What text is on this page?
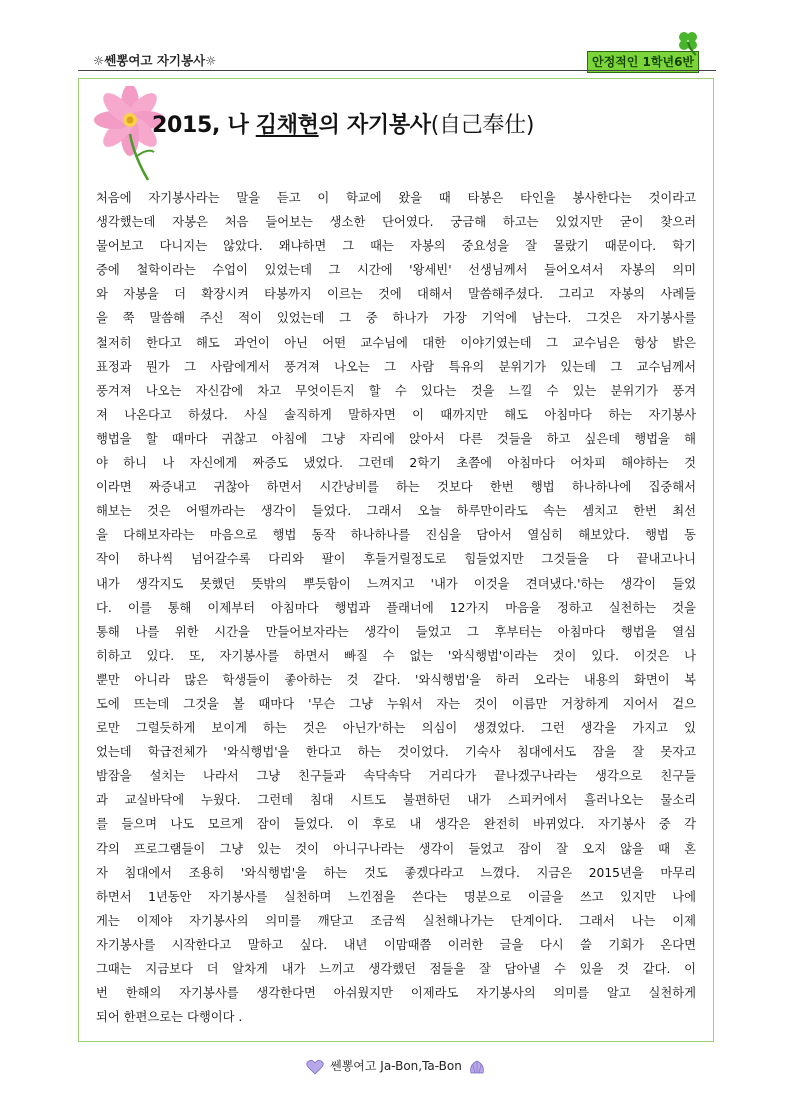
☼쎈뽕여고 자기봉사☼	안정적인 1학년6반
2015, 나 김채현의 자기봉사(自己奉仕)
처음에 자기봉사라는 말을 듣고 이 학교에 왔을 때 타봉은 타인을 봉사한다는 것이라고
생각했는데 자봉은 처음 들어보는 생소한 단어였다. 궁금해 하고는 있었지만 굳이 찾으러
물어보고 다니지는 않았다. 왜냐하면 그 때는 자봉의 중요성을 잘 몰랐기 때문이다. 학기
중에 철학이라는 수업이 있었는데 그 시간에 '왕세빈' 선생님께서 들어오셔서 자봉의 의미
와 자봉을 더 확장시켜 타봉까지 이르는 것에 대해서 말씀해주셨다. 그리고 자봉의 사례들
을 쭉 말씀해 주신 적이 있었는데 그 중 하나가 가장 기억에 남는다. 그것은 자기봉사를
철저히 한다고 해도 과언이 아닌 어떤 교수님에 대한 이야기였는데 그 교수님은 항상 밝은
표정과 뭔가 그 사람에게서 풍겨져 나오는 그 사람 특유의 분위기가 있는데 그 교수님께서
풍겨져 나오는 자신감에 차고 무엇이든지 할 수 있다는 것을 느낄 수 있는 분위기가 풍겨
져 나온다고 하셨다. 사실 솔직하게 말하자면 이 때까지만 해도 아침마다 하는 자기봉사
행법을 할 때마다 귀찮고 아침에 그냥 자리에 앉아서 다른 것들을 하고 싶은데 행법을 해
야 하니 나 자신에게 짜증도 냈었다. 그런데 2학기 초쯤에 아침마다 어차피 해야하는 것
이라면 짜증내고 귀찮아 하면서 시간낭비를 하는 것보다 한번 행법 하나하나에 집중해서
해보는 것은 어떨까라는 생각이 들었다. 그래서 오늘 하루만이라도 속는 셈치고 한번 최선
을 다해보자라는 마음으로 행법 동작 하나하나를 진심을 담아서 열심히 해보았다. 행법 동
작이 하나씩 넘어갈수록 다리와 팔이 후들거릴정도로 힘들었지만 그것들을 다 끝내고나니
내가 생각지도 못했던 뜻밖의 뿌듯함이 느껴지고 '내가 이것을 견뎌냈다.'하는 생각이 들었
다. 이를 통해 이제부터 아침마다 행법과 플래너에 12가지 마음을 정하고 실천하는 것을
통해 나를 위한 시간을 만들어보자라는 생각이 들었고 그 후부터는 아침마다 행법을 열심
히하고 있다. 또, 자기봉사를 하면서 빠질 수 없는 '와식행법'이라는 것이 있다. 이것은 나
뿐만 아니라 많은 학생들이 좋아하는 것 같다. '와식행법'을 하러 오라는 내용의 화면이 복
도에 뜨는데 그것을 볼 때마다 '무슨 그냥 누워서 자는 것이 이름만 거창하게 지어서 겉으
로만 그럴듯하게 보이게 하는 것은 아닌가'하는 의심이 생겼었다. 그런 생각을 가지고 있
었는데 학급전체가 '와식행법'을 한다고 하는 것이었다. 기숙사 침대에서도 잠을 잘 못자고
밤잠을 설치는 나라서 그냥 친구들과 속닥속닥 거리다가 끝나겠구나라는 생각으로 친구들
과 교실바닥에 누웠다. 그런데 침대 시트도 불편하던 내가 스피커에서 흘러나오는 물소리
를 들으며 나도 모르게 잠이 들었다. 이 후로 내 생각은 완전히 바뀌었다. 자기봉사 중 각
각의 프로그램들이 그냥 있는 것이 아니구나라는 생각이 들었고 잠이 잘 오지 않을 때 혼
자 침대에서 조용히 '와식행법'을 하는 것도 좋겠다라고 느꼈다. 지금은 2015년을 마무리
하면서 1년동안 자기봉사를 실천하며 느낀점을 쓴다는 명분으로 이글을 쓰고 있지만 나에
게는 이제야 자기봉사의 의미를 깨닫고 조금씩 실천해나가는 단계이다. 그래서 나는 이제
자기봉사를 시작한다고 말하고 싶다. 내년 이맘때쯤 이러한 글을 다시 쓸 기회가 온다면
그때는 지금보다 더 알차게 내가 느끼고 생각했던 점들을 잘 담아낼 수 있을 것 같다. 이
번 한해의 자기봉사를 생각한다면 아쉬웠지만 이제라도 자기봉사의 의미를 알고 실천하게
되어 한편으로는 다행이다 .
쎈뽕여고 Ja-Bon,Ta-Bon
